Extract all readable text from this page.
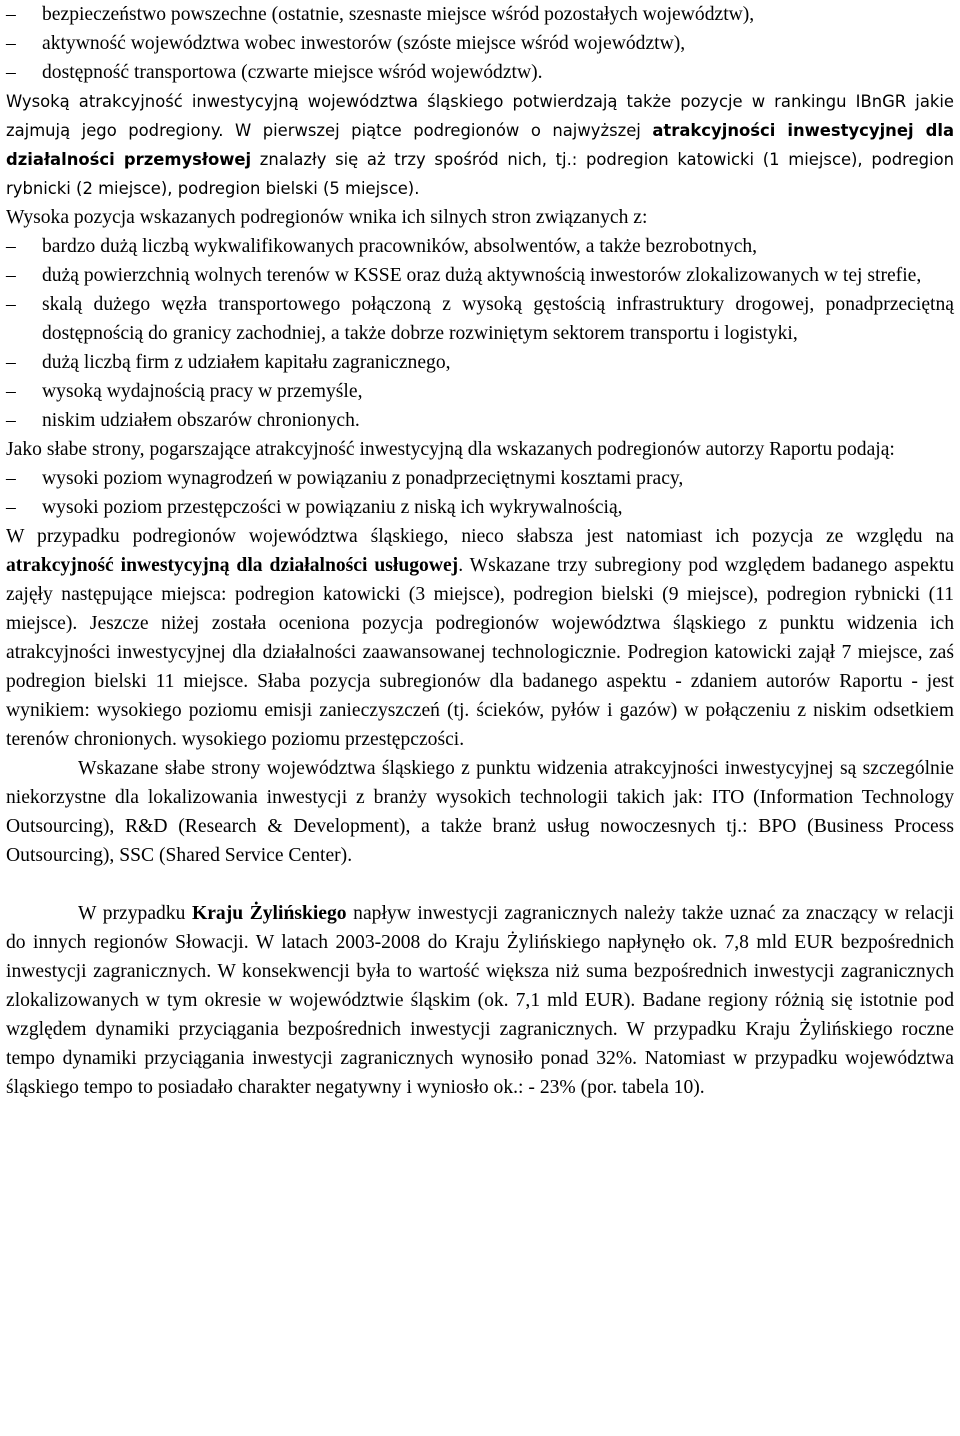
–	bezpieczeństwo powszechne (ostatnie, szesnaste miejsce wśród pozostałych województw),
–	aktywność województwa wobec inwestorów (szóste miejsce wśród województw),
–	dostępność transportowa (czwarte miejsce wśród województw).

Wysoką atrakcyjność inwestycyjną województwa śląskiego potwierdzają także pozycje w rankingu IBnGR jakie zajmują jego podregiony. W pierwszej piątce podregionów o najwyższej atrakcyjności inwestycyjnej dla działalności przemysłowej znalazły się aż trzy spośród nich, tj.: podregion katowicki (1 miejsce), podregion rybnicki (2 miejsce), podregion bielski (5 miejsce).

Wysoka pozycja wskazanych podregionów wnika ich silnych stron związanych z:

–	bardzo dużą liczbą wykwalifikowanych pracowników, absolwentów, a także bezrobotnych,
–	dużą powierzchnią wolnych terenów w KSSE oraz dużą aktywnością inwestorów zlokalizowanych w tej strefie,
–	skalą dużego węzła transportowego połączoną z wysoką gęstością infrastruktury drogowej, ponadprzeciętną dostępnością do granicy zachodniej, a także dobrze rozwiniętym sektorem transportu i logistyki,
–	dużą liczbą firm z udziałem kapitału zagranicznego,
–	wysoką wydajnością pracy w przemyśle,
–	niskim udziałem obszarów chronionych.

Jako słabe strony, pogarszające atrakcyjność inwestycyjną dla wskazanych podregionów autorzy Raportu podają:

–	wysoki poziom wynagrodzeń w powiązaniu z ponadprzeciętnymi kosztami pracy,
–	wysoki poziom przestępczości w powiązaniu z niską ich wykrywalnością,

W przypadku podregionów województwa śląskiego, nieco słabsza jest natomiast ich pozycja ze względu na atrakcyjność inwestycyjną dla działalności usługowej. Wskazane trzy subregiony pod względem badanego aspektu zajęły następujące miejsca: podregion katowicki (3 miejsce), podregion bielski (9 miejsce), podregion rybnicki (11 miejsce). Jeszcze niżej została oceniona pozycja podregionów województwa śląskiego z punktu widzenia ich atrakcyjności inwestycyjnej dla działalności zaawansowanej technologicznie. Podregion katowicki zajął 7 miejsce, zaś podregion bielski 11 miejsce. Słaba pozycja subregionów dla badanego aspektu - zdaniem autorów Raportu - jest wynikiem: wysokiego poziomu emisji zanieczyszczeń (tj. ścieków, pyłów i gazów) w połączeniu z niskim odsetkiem terenów chronionych. wysokiego poziomu przestępczości.

Wskazane słabe strony województwa śląskiego z punktu widzenia atrakcyjności inwestycyjnej są szczególnie niekorzystne dla lokalizowania inwestycji z branży wysokich technologii takich jak: ITO (Information Technology Outsourcing), R&D (Research & Development), a także branż usług nowoczesnych tj.: BPO (Business Process Outsourcing), SSC (Shared Service Center).

W przypadku Kraju Żylińskiego napływ inwestycji zagranicznych należy także uznać za znaczący w relacji do innych regionów Słowacji. W latach 2003-2008 do Kraju Żylińskiego napłynęło ok. 7,8 mld EUR bezpośrednich inwestycji zagranicznych. W konsekwencji była to wartość większa niż suma bezpośrednich inwestycji zagranicznych zlokalizowanych w tym okresie w województwie śląskim (ok. 7,1 mld EUR). Badane regiony różnią się istotnie pod względem dynamiki przyciągania bezpośrednich inwestycji zagranicznych. W przypadku Kraju Żylińskiego roczne tempo dynamiki przyciągania inwestycji zagranicznych wynosiło ponad 32%. Natomiast w przypadku województwa śląskiego tempo to posiadało charakter negatywny i wyniosło ok.: - 23% (por. tabela 10).
